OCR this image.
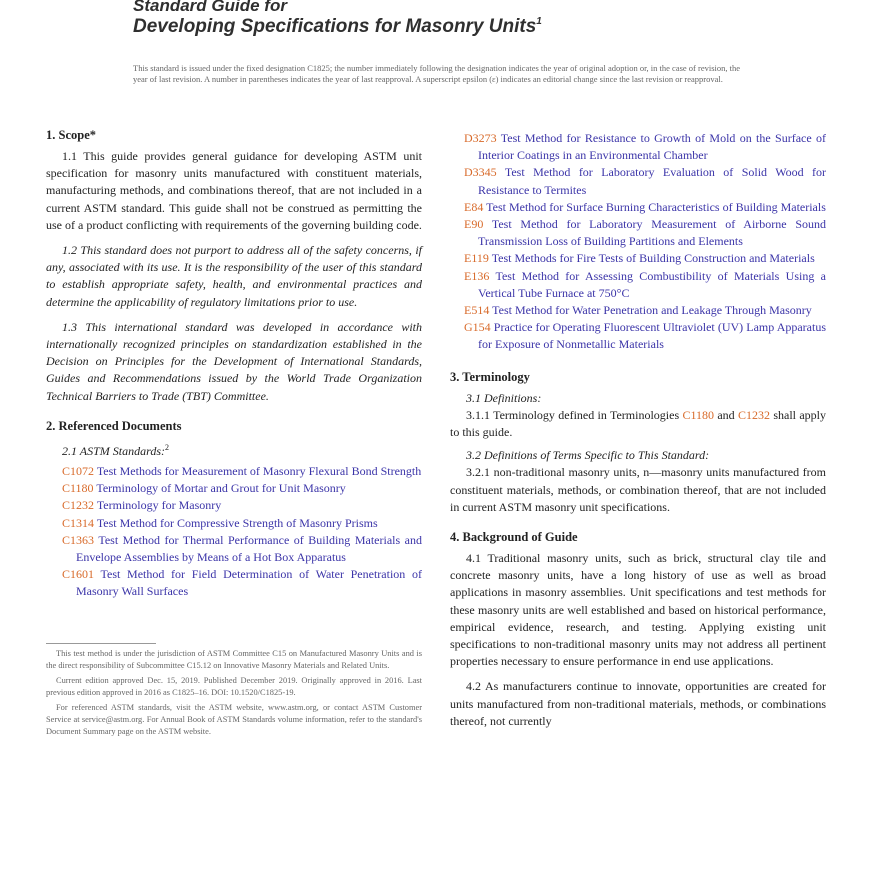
Standard Guide for
Developing Specifications for Masonry Units$^1$
This standard is issued under the fixed designation C1825; the number immediately following the designation indicates the year of original adoption or, in the case of revision, the year of last revision. A number in parentheses indicates the year of last reapproval. A superscript epsilon (ε) indicates an editorial change since the last revision or reapproval.
1. Scope*

1.1 This guide provides general guidance for developing ASTM unit specification for masonry units manufactured with constituent materials, manufacturing methods, and combinations thereof, that are not included in a current ASTM standard. This guide shall not be construed as permitting the use of a product conflicting with requirements of the governing building code.

1.2 This standard does not purport to address all of the safety concerns, if any, associated with its use. It is the responsibility of the user of this standard to establish appropriate safety, health, and environmental practices and determine the applicability of regulatory limitations prior to use.

1.3 This international standard was developed in accordance with internationally recognized principles on standardization established in the Decision on Principles for the Development of International Standards, Guides and Recommendations issued by the World Trade Organization Technical Barriers to Trade (TBT) Committee.

2. Referenced Documents
2.1 ASTM Standards:$^2$
C1072 Test Methods for Measurement of Masonry Flexural Bond Strength
C1180 Terminology of Mortar and Grout for Unit Masonry
C1232 Terminology for Masonry
C1314 Test Method for Compressive Strength of Masonry Prisms
C1363 Test Method for Thermal Performance of Building Materials and Envelope Assemblies by Means of a Hot Box Apparatus
C1601 Test Method for Field Determination of Water Penetration of Masonry Wall Surfaces
This test method is under the jurisdiction of ASTM Committee C15 on Manufactured Masonry Units and is the direct responsibility of Subcommittee C15.12 on Innovative Masonry Materials and Related Units.
Current edition approved Dec. 15, 2019. Published December 2019. Originally approved in 2016. Last previous edition approved in 2016 as C1825–16. DOI: 10.1520/C1825-19.
For referenced ASTM standards, visit the ASTM website, www.astm.org, or contact ASTM Customer Service at service@astm.org. For Annual Book of ASTM Standards volume information, refer to the standard's Document Summary page on the ASTM website.
D3273 Test Method for Resistance to Growth of Mold on the Surface of Interior Coatings in an Environmental Chamber
D3345 Test Method for Laboratory Evaluation of Solid Wood for Resistance to Termites
E84 Test Method for Surface Burning Characteristics of Building Materials
E90 Test Method for Laboratory Measurement of Airborne Sound Transmission Loss of Building Partitions and Elements
E119 Test Methods for Fire Tests of Building Construction and Materials
E136 Test Method for Assessing Combustibility of Materials Using a Vertical Tube Furnace at 750°C
E514 Test Method for Water Penetration and Leakage Through Masonry
G154 Practice for Operating Fluorescent Ultraviolet (UV) Lamp Apparatus for Exposure of Nonmetallic Materials
3. Terminology

3.1 Definitions:

3.1.1 Terminology defined in Terminologies C1180 and C1232 shall apply to this guide.

3.2 Definitions of Terms Specific to This Standard:

3.2.1 non-traditional masonry units, n—masonry units manufactured from constituent materials, methods, or combination thereof, that are not included in current ASTM masonry unit specifications.

4. Background of Guide

4.1 Traditional masonry units, such as brick, structural clay tile and concrete masonry units, have a long history of use as well as broad applications in masonry assemblies. Unit specifications and test methods for these masonry units are well established and based on historical performance, empirical evidence, research, and testing. Applying existing unit specifications to non-traditional masonry units may not address all pertinent properties necessary to ensure performance in end use applications.

4.2 As manufacturers continue to innovate, opportunities are created for units manufactured from non-traditional materials, methods, or combinations thereof, not currently
